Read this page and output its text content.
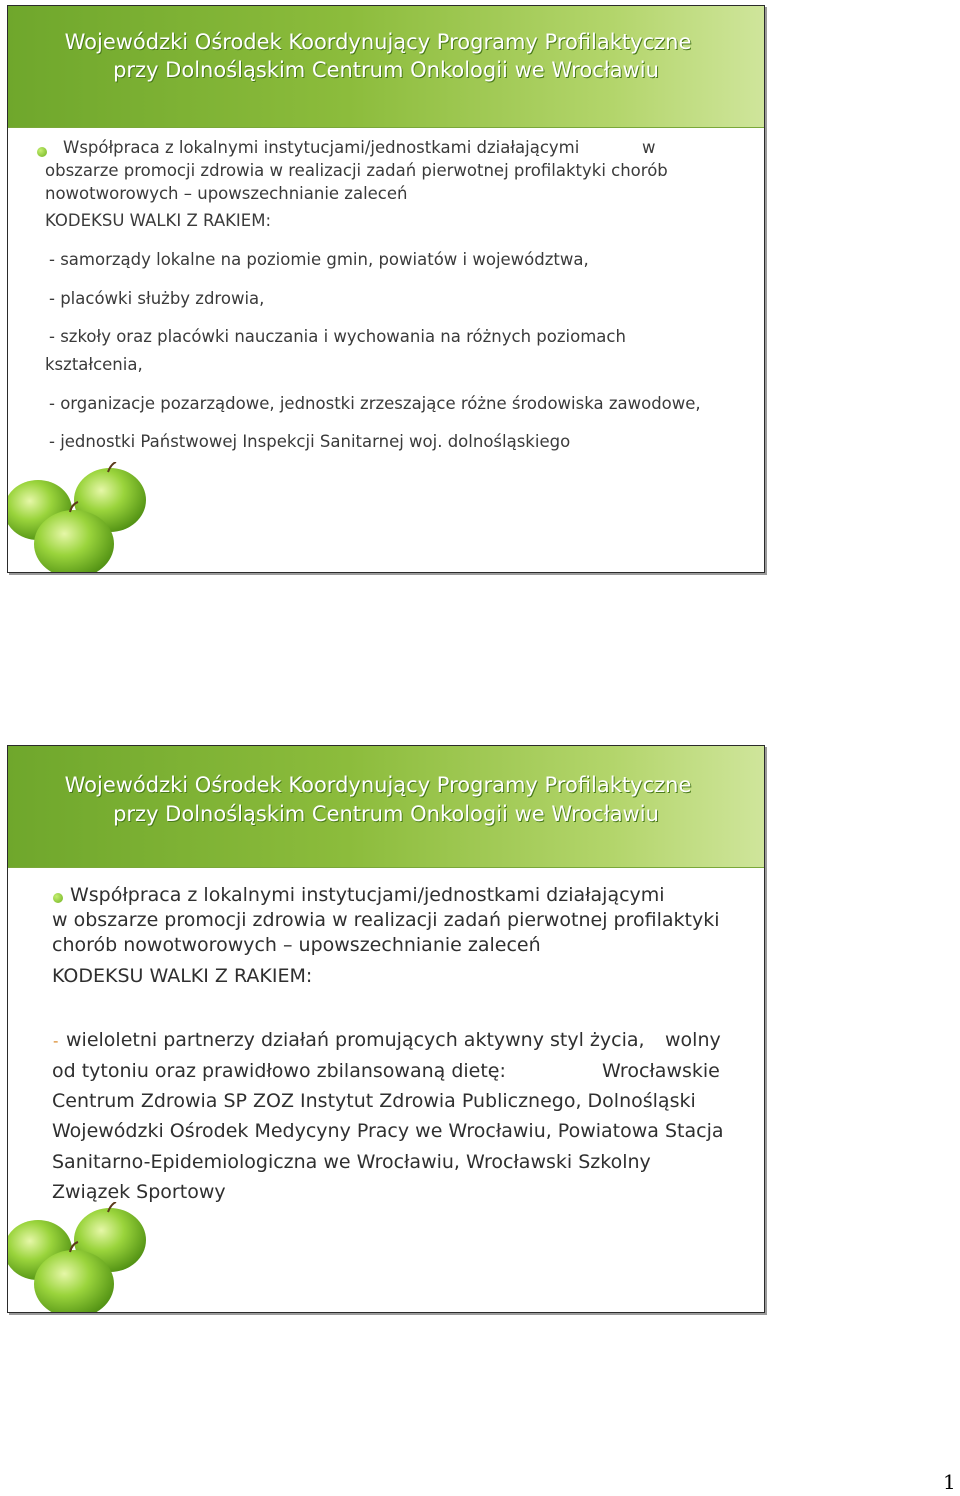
Wojewódzki Ośrodek Koordynujący Programy Profilaktyczne
przy Dolnośląskim Centrum Onkologii we Wrocławiu
Współpraca z lokalnymi instytucjami/jednostkami działającymi	w
obszarze promocji zdrowia w realizacji zadań pierwotnej profilaktyki chorób
nowotworowych – upowszechnianie zaleceń
KODEKSU WALKI Z RAKIEM:
- samorządy lokalne na poziomie gmin, powiatów i województwa,
- placówki służby zdrowia,
- szkoły oraz placówki nauczania i wychowania na różnych poziomach
kształcenia,
- organizacje pozarządowe, jednostki zrzeszające różne środowiska zawodowe,
- jednostki Państwowej Inspekcji Sanitarnej woj. dolnośląskiego
Wojewódzki Ośrodek Koordynujący Programy Profilaktyczne
przy Dolnośląskim Centrum Onkologii we Wrocławiu
Współpraca z lokalnymi instytucjami/jednostkami działającymi
w obszarze promocji zdrowia w realizacji zadań pierwotnej profilaktyki
chorób nowotworowych – upowszechnianie zaleceń
KODEKSU WALKI Z RAKIEM:
- wieloletni partnerzy działań promujących aktywny styl życia, wolny
od tytoniu oraz prawidłowo zbilansowaną dietę:	Wrocławskie
Centrum Zdrowia SP ZOZ Instytut Zdrowia Publicznego, Dolnośląski
Wojewódzki Ośrodek Medycyny Pracy we Wrocławiu, Powiatowa Stacja
Sanitarno-Epidemiologiczna we Wrocławiu, Wrocławski Szkolny
Związek Sportowy
1
